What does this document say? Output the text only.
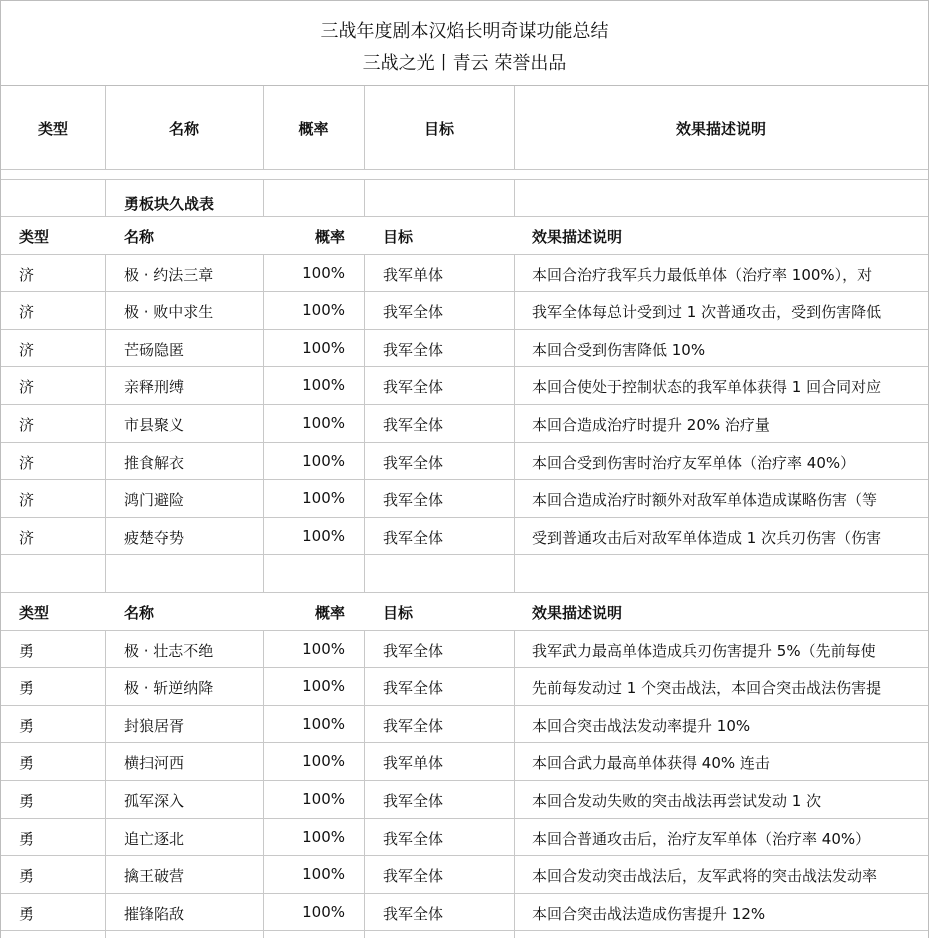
三战年度剧本汉焰长明奇谋功能总结
三战之光丨青云 荣誉出品
类型	名称	概率	目标	效果描述说明
勇板块久战表
类型	名称	概率	目标	效果描述说明
济	极 · 约法三章	100%	我军单体	本回合治疗我军兵力最低单体（治疗率 100%），对
济	极 · 败中求生	100%	我军全体	我军全体每总计受到过 1 次普通攻击，受到伤害降低
济	芒砀隐匿	100%	我军全体	本回合受到伤害降低 10%
济	亲释刑缚	100%	我军全体	本回合使处于控制状态的我军单体获得 1 回合同对应
济	市县聚义	100%	我军全体	本回合造成治疗时提升 20% 治疗量
济	推食解衣	100%	我军全体	本回合受到伤害时治疗友军单体（治疗率 40%）
济	鸿门避险	100%	我军全体	本回合造成治疗时额外对敌军单体造成谋略伤害（等
济	疲楚夺势	100%	我军全体	受到普通攻击后对敌军单体造成 1 次兵刃伤害（伤害
类型	名称	概率	目标	效果描述说明
勇	极 · 壮志不绝	100%	我军全体	我军武力最高单体造成兵刃伤害提升 5%（先前每使
勇	极 · 斩逆纳降	100%	我军全体	先前每发动过 1 个突击战法，本回合突击战法伤害提
勇	封狼居胥	100%	我军全体	本回合突击战法发动率提升 10%
勇	横扫河西	100%	我军单体	本回合武力最高单体获得 40% 连击
勇	孤军深入	100%	我军全体	本回合发动失败的突击战法再尝试发动 1 次
勇	追亡逐北	100%	我军全体	本回合普通攻击后，治疗友军单体（治疗率 40%）
勇	擒王破营	100%	我军全体	本回合发动突击战法后，友军武将的突击战法发动率
勇	摧锋陷敌	100%	我军全体	本回合突击战法造成伤害提升 12%
